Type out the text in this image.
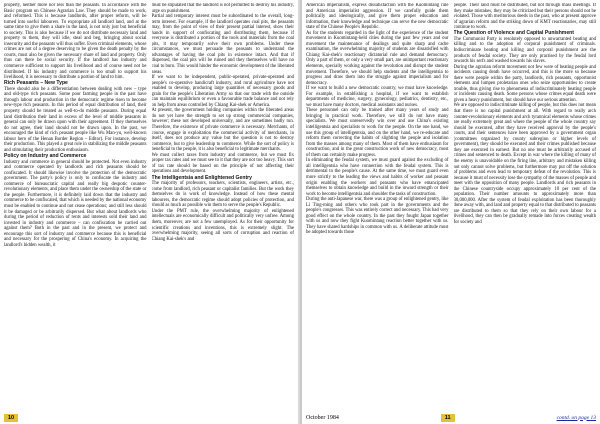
property, neither more nor less than the peasants. In accordance with the Basic program on Chinese Agrarian Law. They should be made to work, and reformed. This is because landlords, after proper reform, will be turned into useful labourers. To expropriate all landlord land, and at the same time to give them a share in the land, is not only just but beneficial to society. This is also because if we do not distribute necessary land and property to them, they will idle, steal and beg, bringing about social insecurity and the peasants will thus suffer. Even criminal elements, whose crimes are not of a degree deserving to be given the death penalty by the courts, must also be given the necessary share of land and property. Only thus can there be social security. If the landlord has industry and commerce sufficient to support his livelihood and of course need not be distributed. If his industry and commerce is too small to support his livelihood, it is necessary to distribute a portion of land to him.

Rich Peasants – New Type

There should also be a differentiation between dealing with new – type and old-type rich peasants. Some poor farming people in the past have through labour and production in the democratic regime risen to become new-type rich peasants. In this period of equal distribution of land, their property should be treated as well-to-do middle peasants. During equal land distribution their land in excess of the level of middle peasants in general can only be drawn upon with their agreement. If they themselves do not agree, their land should not be drawn upon. In the past, we encouraged the kind of rich peasant people like Wu Man-yu, well-known labour hero of the Henan Border Region – Editor). For instance, develop their production. This played a great role in stabilizing the middle peasants and stimulating their production enthusiasm.

Policy on Industry and Commerce

Industry and commerce in general should be protected. Not even industry and commerce operated by landlords and rich peasants should be confiscated. It should likewise involve the protection of the democratic government. The party's policy is only to confiscate the industry and commerce of bureaucratic capital and really big despotic counter-revolutionary elements, and place them under the ownership of the state or the people. Furthermore, it is definitely laid down that the industry and commerce to be confiscated, that which is needed by the national economy must be enabled to continue and not cease operations; and still less should it be damaged or be arbitrarily dispersed. But what about landlords who during the period of reduction of rents and interests sold their land and invested in industry and commerce – can confiscation be carried out against them? Both in the past and in the present, we protect and encourage this sort of industry and commerce because this is beneficial and necessary for the prospering of China's economy. In acquiring the landlord's hidden wealth, it

must be stipulated that the landlord is not permitted to destroy his industry, urge on punishment.

Partial and temporary interest must be subordinated to the overall, long-term interest. For example, if the landlord operates coal pits, the peasants may, from the point of view of their present partial interest, show their hands in support of confiscating and distributing them, because if everyone is distributed a portion of the tools and materials from the coal pits, it may temporarily solve their own problems. Under these circumstances, we must persuade the peasants to understand the advantages of having the coal pits in existence intact. And that if dispersed, the coal pits will be ruined and they themselves will have no coal to burn. This would hinder the economic development of the liberated areas.

If we want to be independent, public-operated, private-operated and people's co-operative handicraft industry, and rural agriculture have not enabled to develop, producing large quantities of necessary goods and grain for the people's Liberation Army so that our trade with the outside can maintain equilibrium or even a favourable trade balance and not rely on help from areas controlled by Chiang Kai-shek or America.

At present, the government holding companies within the liberated areas do not yet have the strength to set up strong commercial companies, however; these not developed universally, and are sometimes badly run. Therefore, the existence of private commerce is necessary. Merchants, of course, engage in exploitation the commercial activity of merchants, in itself, does not produce any value but the question is not to destroy commerce, but to give leadership to commerce. While the sort of policy is beneficial to the people, it is also beneficial to legitimate merchants.

We must collect taxes from industry and commerce, but we must fix proper tax rates and we must see to it that they are not too heavy. This sort of tax rate should be based on the principle of not affecting their operations and development.

The Intelligentsia and Enlightened Gentry

The majority of professors, teachers, scientists, engineers, artists, etc., come from landlord, rich peasant or capitalist families. But the work they themselves do is work of knowledge. Instead of how these mental labourers, the democratic regime should adopt policies of protection, and should as much as possible win them to serve the people's Republic.

Under the PMT rule, the overwhelming majority of enlightened intellectuals are economically difficult and politically very unfree. Among them, moreover, are not a few unemployed. As for their opportunity for scientific creations and inventions, this is extremely slight. The overwhelming majority, seeing all sorts of corruption and reaction of Chiang Kai-shek's and

10

American imperialism, express dissatisfaction with the Kuomintang rule and American imperialist aggression. If we carefully guide them politically and ideologically, and give them proper education and information, their knowledge and technique can serve the new democratic state of the Chinese People's Republic.

As for the students regarded in the light of the experience of the student movement in Kuomintang-held cities during the past few years and our movement the maintenance of dealings and quite sharp and cadre examination, the overwhelming majority of students are dissatisfied with Chiang Kai-shek's reactionary dictatorial rule and demand democracy. Only a part of them, or only a very small part, are unimportant reactionary elements, specially working against the revolution and disrupt the student movement. Therefore, we should help students and the intelligentsia to progress and draw them into the struggle against imperialism and for democracy.

If we want to build a new democratic country, we must have knowledge. For example, in establishing a hospital, if we want to establish departments of medicine, surgery, gynecology, pediatrics, dentistry, etc., we must have many doctors, medical assistants and nurses.

These personnel can only be trained after many years of study and bringing in practical work. Therefore, we still do not have many specialists. We must unreservedly win over and use China's existing intelligentsia and specialists to work for the people. On the one hand, we use this group of intelligentsia, and on the other hand, we re-educate and reform them correcting the habits of slighting the people and isolation from the masses among many of them. Most of them have enthusiasm for construction, and in the great construction work of new democracy, most of them can certainly make progress.

In eliminating the feudal system, we must guard against the excluding of all intelligentsia who have connection with the feudal system. This is detrimental to the people's cause. At the same time, we must guard even more strictly to the leading the views and habits of worker and peasant origin enabling the workers and peasants who have emancipated themselves to obtain knowledge and build in the inward strength or their work to become intelligentsia and shoulder the tasks of construction.

During the anti-Japanese war, there was a group of enlightened gentry, like Li Ting-ming and others who took part in the governments and the people's congresses. This was entirely correct and necessary. This had very good effect on the whole country. In the past they fought Japan together with us and now they fight Kuomintang reaction better together with us. They have shared hardships in common with us. A deliberate attitude must be adopted towards those

people. Their land must be distributed, but not through mass meetings. If they make mistakes, they may be criticized but their persons should not be violated. Those with meritorious deeds in the past, who at present approve of agrarian reform and the striking down of KMT reactionaries, may still continue to work.

The Question of Violence and Capital Punishment

The Communist Party is resolutely opposed to unwarranted beating and killing and to the adoption of corporal punishment of criminals. Indiscriminate beating and killing and corporal punishment are the products of feudal society. They are only practised by the feudal lord towards his serfs and washed towards his slaves.

During the agrarian reform movement not few were of beating people and incidents causing death have occurred, and this is the more so because there were people within the party, landlords, rich peasants, opportunist elements and lumpen proletarian ones who seize opportunities to create trouble, thus giving rise to phenomena of indiscriminately beating people or incidents causing death. Some persons whose crimes equal death were given a heavy punishment, but should have our serious attention.

We are opposed to indiscriminate killing of people, but this does not mean that there is no capital punishment at all. With regard to really arch counter-revolutionary elements and arch tyrannical elements whose crimes are really extremely great and where the people of the whole country say should be executed, after they have received approval by the people's courts, and their sentences have been approved by a government organ (committees organized by county subregion or higher levels of government), they should be executed and their crimes published because they are executed in earnest. But no one must be arbitrarily accused of crimes and sentenced to death. Except in war where the killing of many of the enemy is unavoidable on the firing line, arbitrary and mistaken killing not only cannot solve problems, but furthermore may put off the solution of problems and even lead to temporary defeat of the revolution. This is because it must of necessity lose the sympathy of the masses of people and meet with the opposition of many people. Landlords and rich peasants in the Chinese countryside occupy approximately 10 per cent of the population. Their number amounts to approximately more than 30,000,000. After the system of feudal exploitation has been thoroughly done away with, and land and property equal to that distributed to peasants are distributed to them so that they rely on their own labour for a livelihood, they can then be gradually remade into forces creating wealth for society and

October 1984	11	contd. on page 13
